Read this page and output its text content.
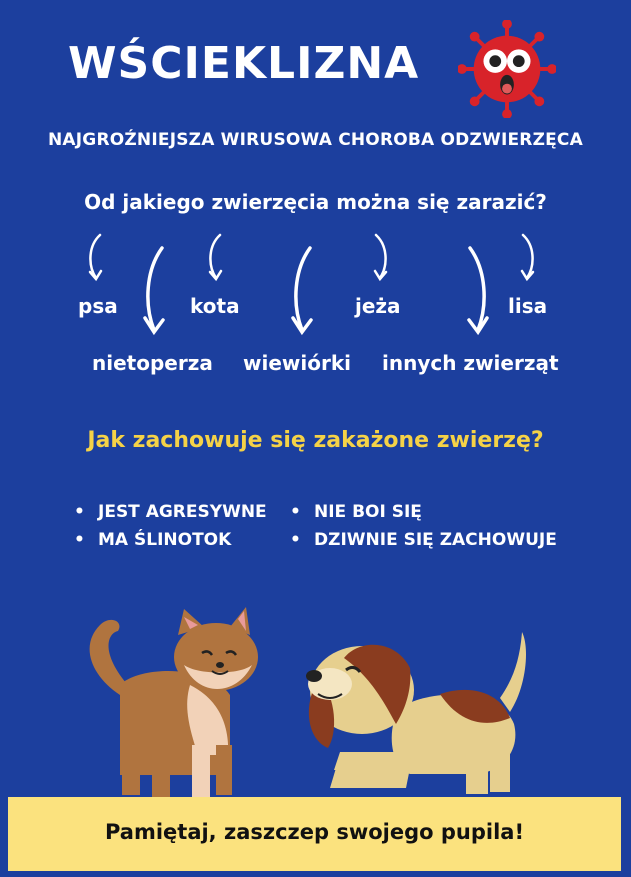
WŚCIEKLIZNA
NAJGROŹNIEJSZA WIRUSOWA CHOROBA ODZWIERZĘCA
Od jakiego zwierzęcia można się zarazić?
psa	kota	jeża	lisa
nietoperza wiewiórki innych zwierząt
Jak zachowuje się zakażone zwierzę?
• JEST AGRESYWNE
• MA ŚLINOTOK
• NIE BOI SIĘ
• DZIWNIE SIĘ ZACHOWUJE
Pamiętaj, zaszczep swojego pupila!
